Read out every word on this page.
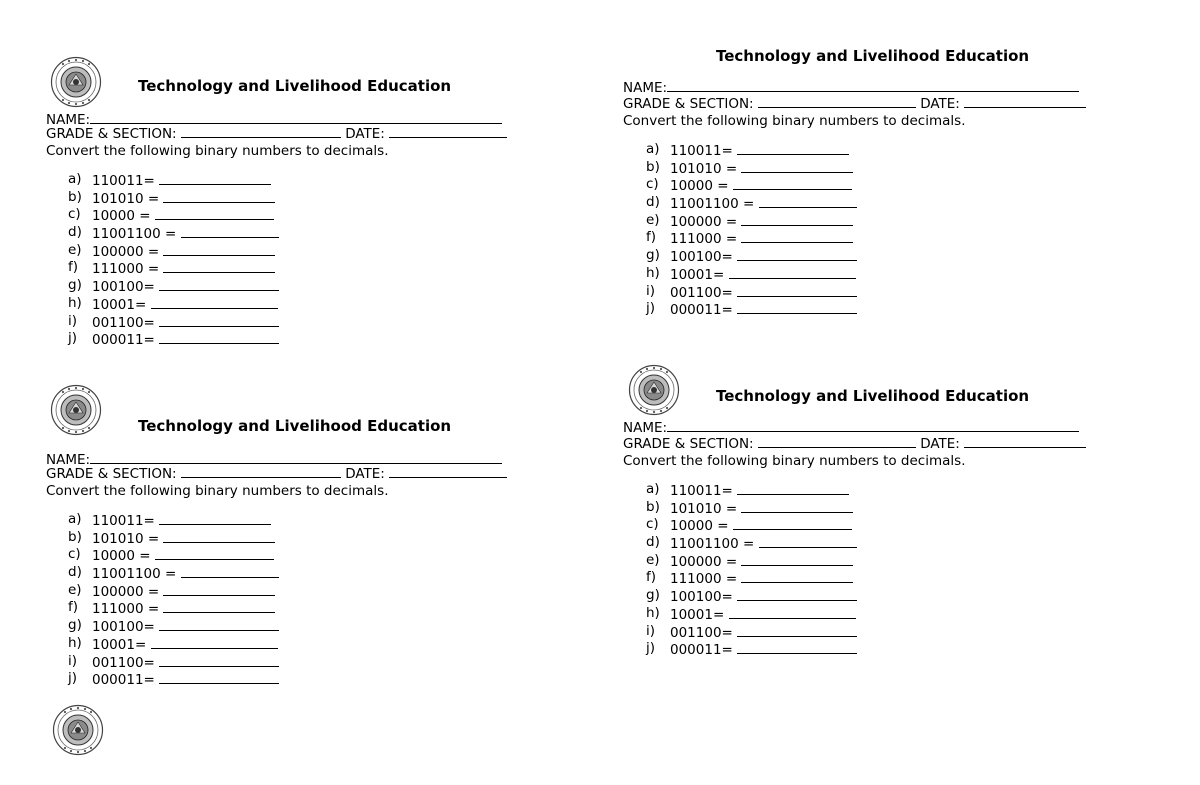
Technology and Livelihood Education
NAME:
GRADE & SECTION:	DATE:
Convert the following binary numbers to decimals.
a) 110011=
b) 101010 =
c) 10000 =
d) 11001100 =
e) 100000 =
f)	111000 =
g) 100100=
h) 10001=
i)	001100=
j)	000011=
Technology and Livelihood Education
NAME:
GRADE & SECTION:	DATE:
Convert the following binary numbers to decimals.
a) 110011=
b) 101010 =
c) 10000 =
d) 11001100 =
e) 100000 =
f)	111000 =
g) 100100=
h) 10001=
i)	001100=
j)	000011=
Technology and Livelihood Education
NAME:
GRADE & SECTION:	DATE:
Convert the following binary numbers to decimals.
a) 110011=
b) 101010 =
c) 10000 =
d) 11001100 =
e) 100000 =
f)	111000 =
g) 100100=
h) 10001=
i)	001100=
j)	000011=
Technology and Livelihood Education
NAME:
GRADE & SECTION:	DATE:
Convert the following binary numbers to decimals.
a) 110011=
b) 101010 =
c) 10000 =
d) 11001100 =
e) 100000 =
f)	111000 =
g) 100100=
h) 10001=
i)	001100=
j)	000011=
